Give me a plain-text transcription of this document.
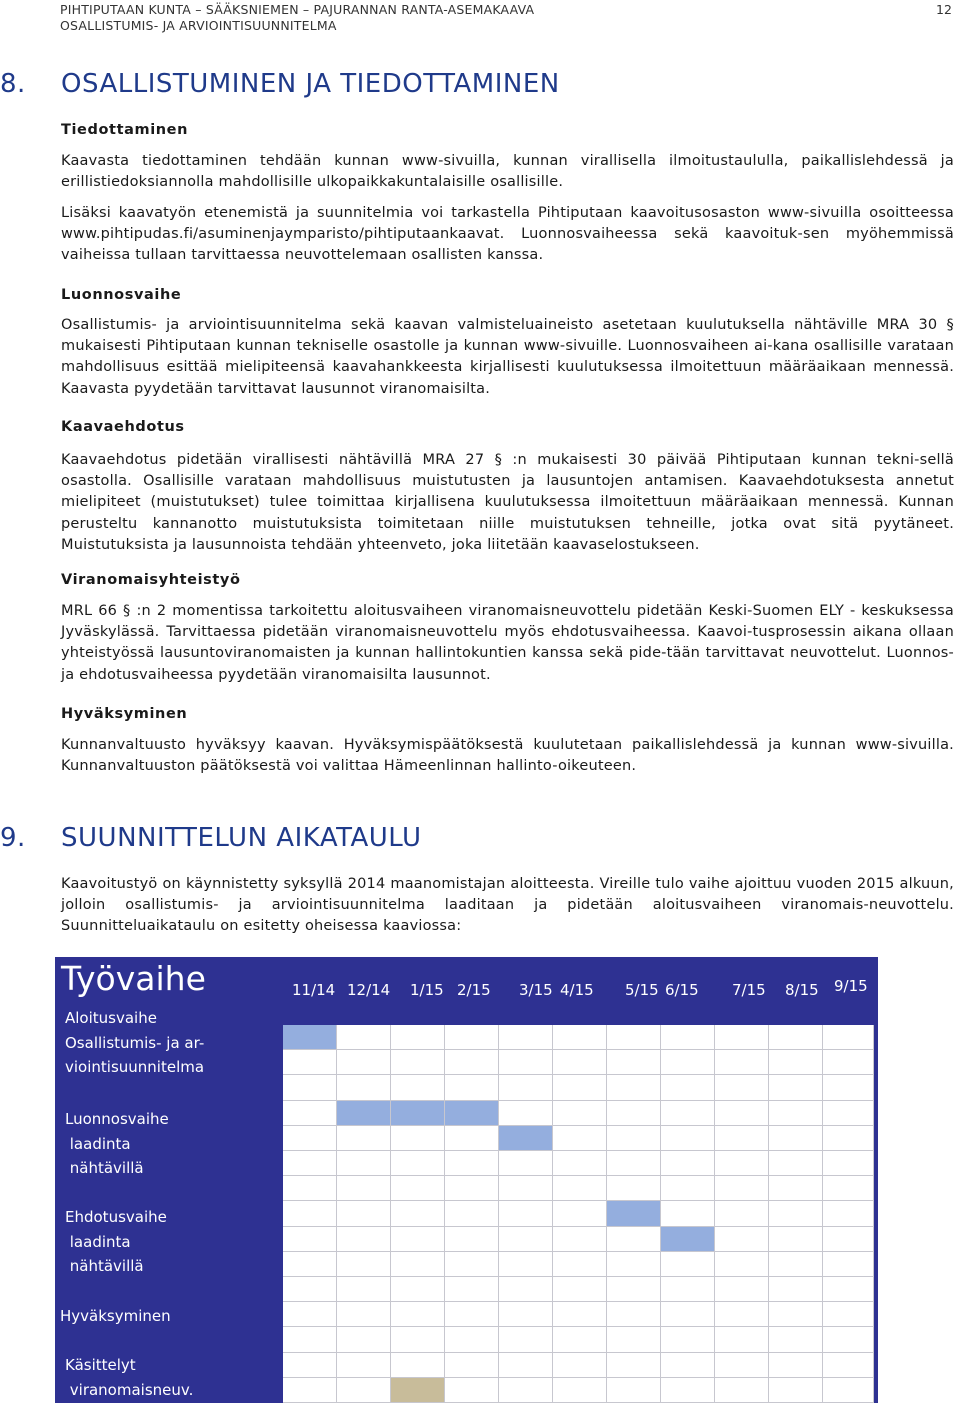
PIHTIPUTAAN KUNTA – SÄÄKSNIEMEN – PAJURANNAN RANTA-ASEMAKAAVA
OSALLISTUMIS- JA ARVIOINTISUUNNITELMA
12
8. OSALLISTUMINEN JA TIEDOTTAMINEN
Tiedottaminen

Kaavasta tiedottaminen tehdään kunnan www-sivuilla, kunnan virallisella ilmoitustaululla, paikallislehdessä ja erillistiedoksiannolla mahdollisille ulkopaikkakuntalaisille osallisille.

Lisäksi kaavatyön etenemistä ja suunnitelmia voi tarkastella Pihtiputaan kaavoitusosaston www-sivuilla osoitteessa www.pihtipudas.fi/asuminenjaymparisto/pihtiputaankaavat. Luonnosvaiheessa sekä kaavoituk-sen myöhemmissä vaiheissa tullaan tarvittaessa neuvottelemaan osallisten kanssa.

Luonnosvaihe

Osallistumis- ja arviointisuunnitelma sekä kaavan valmisteluaineisto asetetaan kuulutuksella nähtäville MRA 30 § mukaisesti Pihtiputaan kunnan tekniselle osastolle ja kunnan www-sivuille. Luonnosvaiheen ai-kana osallisille varataan mahdollisuus esittää mielipiteensä kaavahankkeesta kirjallisesti kuulutuksessa ilmoitettuun määräaikaan mennessä. Kaavasta pyydetään tarvittavat lausunnot viranomaisilta.

Kaavaehdotus

Kaavaehdotus pidetään virallisesti nähtävillä MRA 27 § :n mukaisesti 30 päivää Pihtiputaan kunnan tekni-sellä osastolla. Osallisille varataan mahdollisuus muistutusten ja lausuntojen antamisen. Kaavaehdotuksesta annetut mielipiteet (muistutukset) tulee toimittaa kirjallisena kuulutuksessa ilmoitettuun määräaikaan mennessä. Kunnan perusteltu kannanotto muistutuksista toimitetaan niille muistutuksen tehneille, jotka ovat sitä pyytäneet. Muistutuksista ja lausunnoista tehdään yhteenveto, joka liitetään kaavaselostukseen.

Viranomaisyhteistyö

MRL 66 § :n 2 momentissa tarkoitettu aloitusvaiheen viranomaisneuvottelu pidetään Keski-Suomen ELY - keskuksessa Jyväskylässä. Tarvittaessa pidetään viranomaisneuvottelu myös ehdotusvaiheessa. Kaavoi-tusprosessin aikana ollaan yhteistyössä lausuntoviranomaisten ja kunnan hallintokuntien kanssa sekä pide-tään tarvittavat neuvottelut. Luonnos- ja ehdotusvaiheessa pyydetään viranomaisilta lausunnot.

Hyväksyminen

Kunnanvaltuusto hyväksyy kaavan. Hyväksymispäätöksestä kuulutetaan paikallislehdessä ja kunnan www-sivuilla. Kunnanvaltuuston päätöksestä voi valittaa Hämeenlinnan hallinto-oikeuteen.

9. SUUNNITTELUN AIKATAULU

Kaavoitustyö on käynnistetty syksyllä 2014 maanomistajan aloitteesta. Vireille tulo vaihe ajoittuu vuoden 2015 alkuun, jolloin osallistumis- ja arviointisuunnitelma laaditaan ja pidetään aloitusvaiheen viranomais-neuvottelu. Suunnitteluaikataulu on esitetty oheisessa kaaviossa:

Työvaihe	11/14 12/14 1/15 2/15 3/15 4/15 5/15 6/15 7/15 8/15 9/15
Aloitusvaihe
Osallistumis- ja ar-
viointisuunnitelma
Luonnosvaihe
laadinta
nähtävillä
Ehdotusvaihe
laadinta
nähtävillä
Hyväksyminen
Käsittelyt
viranomaisneuv.
